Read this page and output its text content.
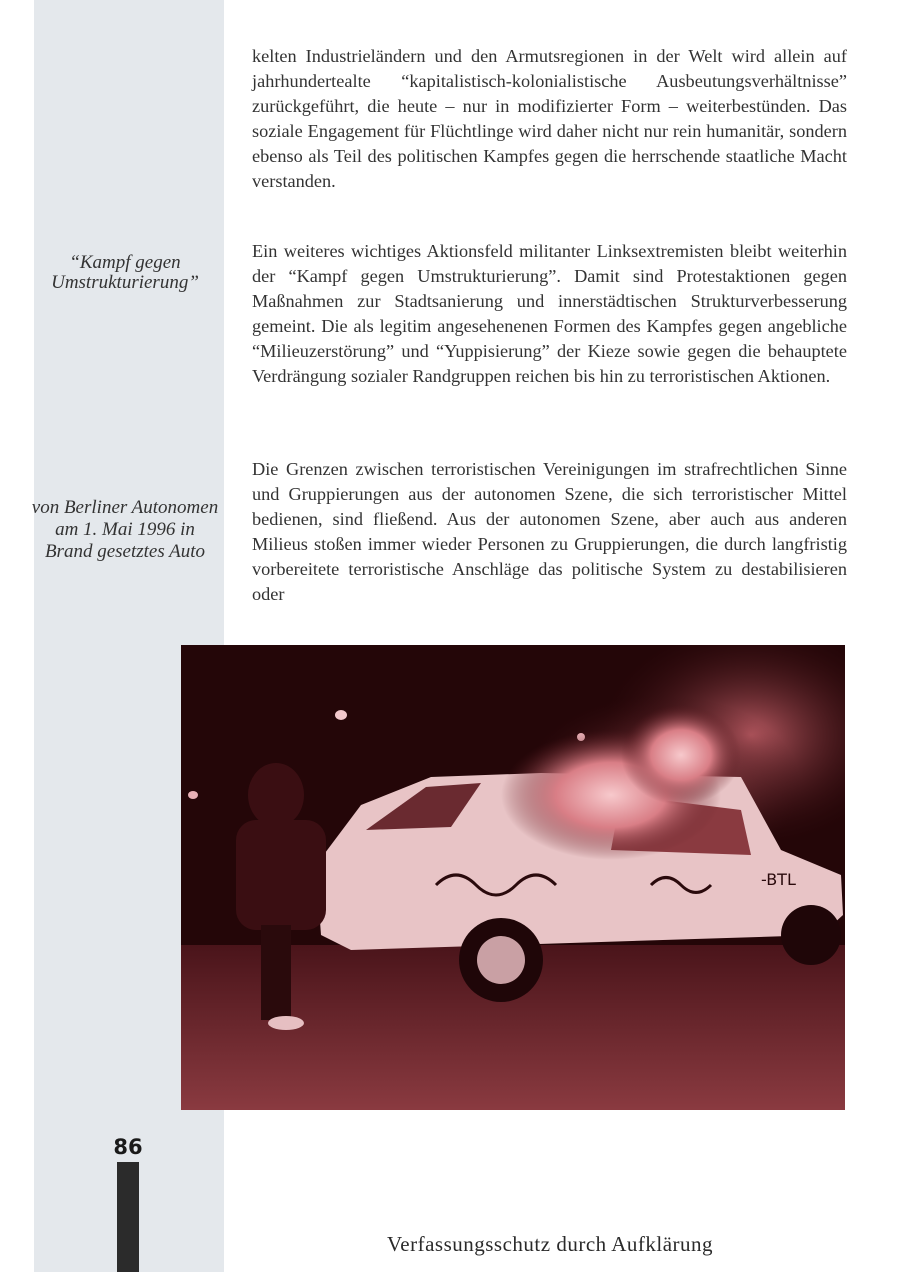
“Kampf gegen Umstrukturierung”
von Berliner Autonomen am 1. Mai 1996 in Brand gesetztes Auto

kelten Industrieländern und den Armutsregionen in der Welt wird allein auf jahrhundertealte “kapitalistisch-kolonialistische Ausbeutungsverhältnisse” zurückgeführt, die heute – nur in modifizierter Form – weiterbestünden. Das soziale Engagement für Flüchtlinge wird daher nicht nur rein humanitär, sondern ebenso als Teil des politischen Kampfes gegen die herrschende staatliche Macht verstanden.

Ein weiteres wichtiges Aktionsfeld militanter Linksextremisten bleibt weiterhin der “Kampf gegen Umstrukturierung”. Damit sind Protestaktionen gegen Maßnahmen zur Stadtsanierung und innerstädtischen Strukturverbesserung gemeint. Die als legitim angesehenenen Formen des Kampfes gegen angebliche “Milieuzerstörung” und “Yuppisierung” der Kieze sowie gegen die behauptete Verdrängung sozialer Randgruppen reichen bis hin zu terroristischen Aktionen.

Die Grenzen zwischen terroristischen Vereinigungen im strafrechtlichen Sinne und Gruppierungen aus der autonomen Szene, die sich terroristischer Mittel bedienen, sind fließend. Aus der autonomen Szene, aber auch aus anderen Milieus stoßen immer wieder Personen zu Gruppierungen, die durch langfristig vorbereitete terroristische Anschläge das politische System zu destabilisieren oder

-BTL
86
Verfassungsschutz durch Aufklärung
